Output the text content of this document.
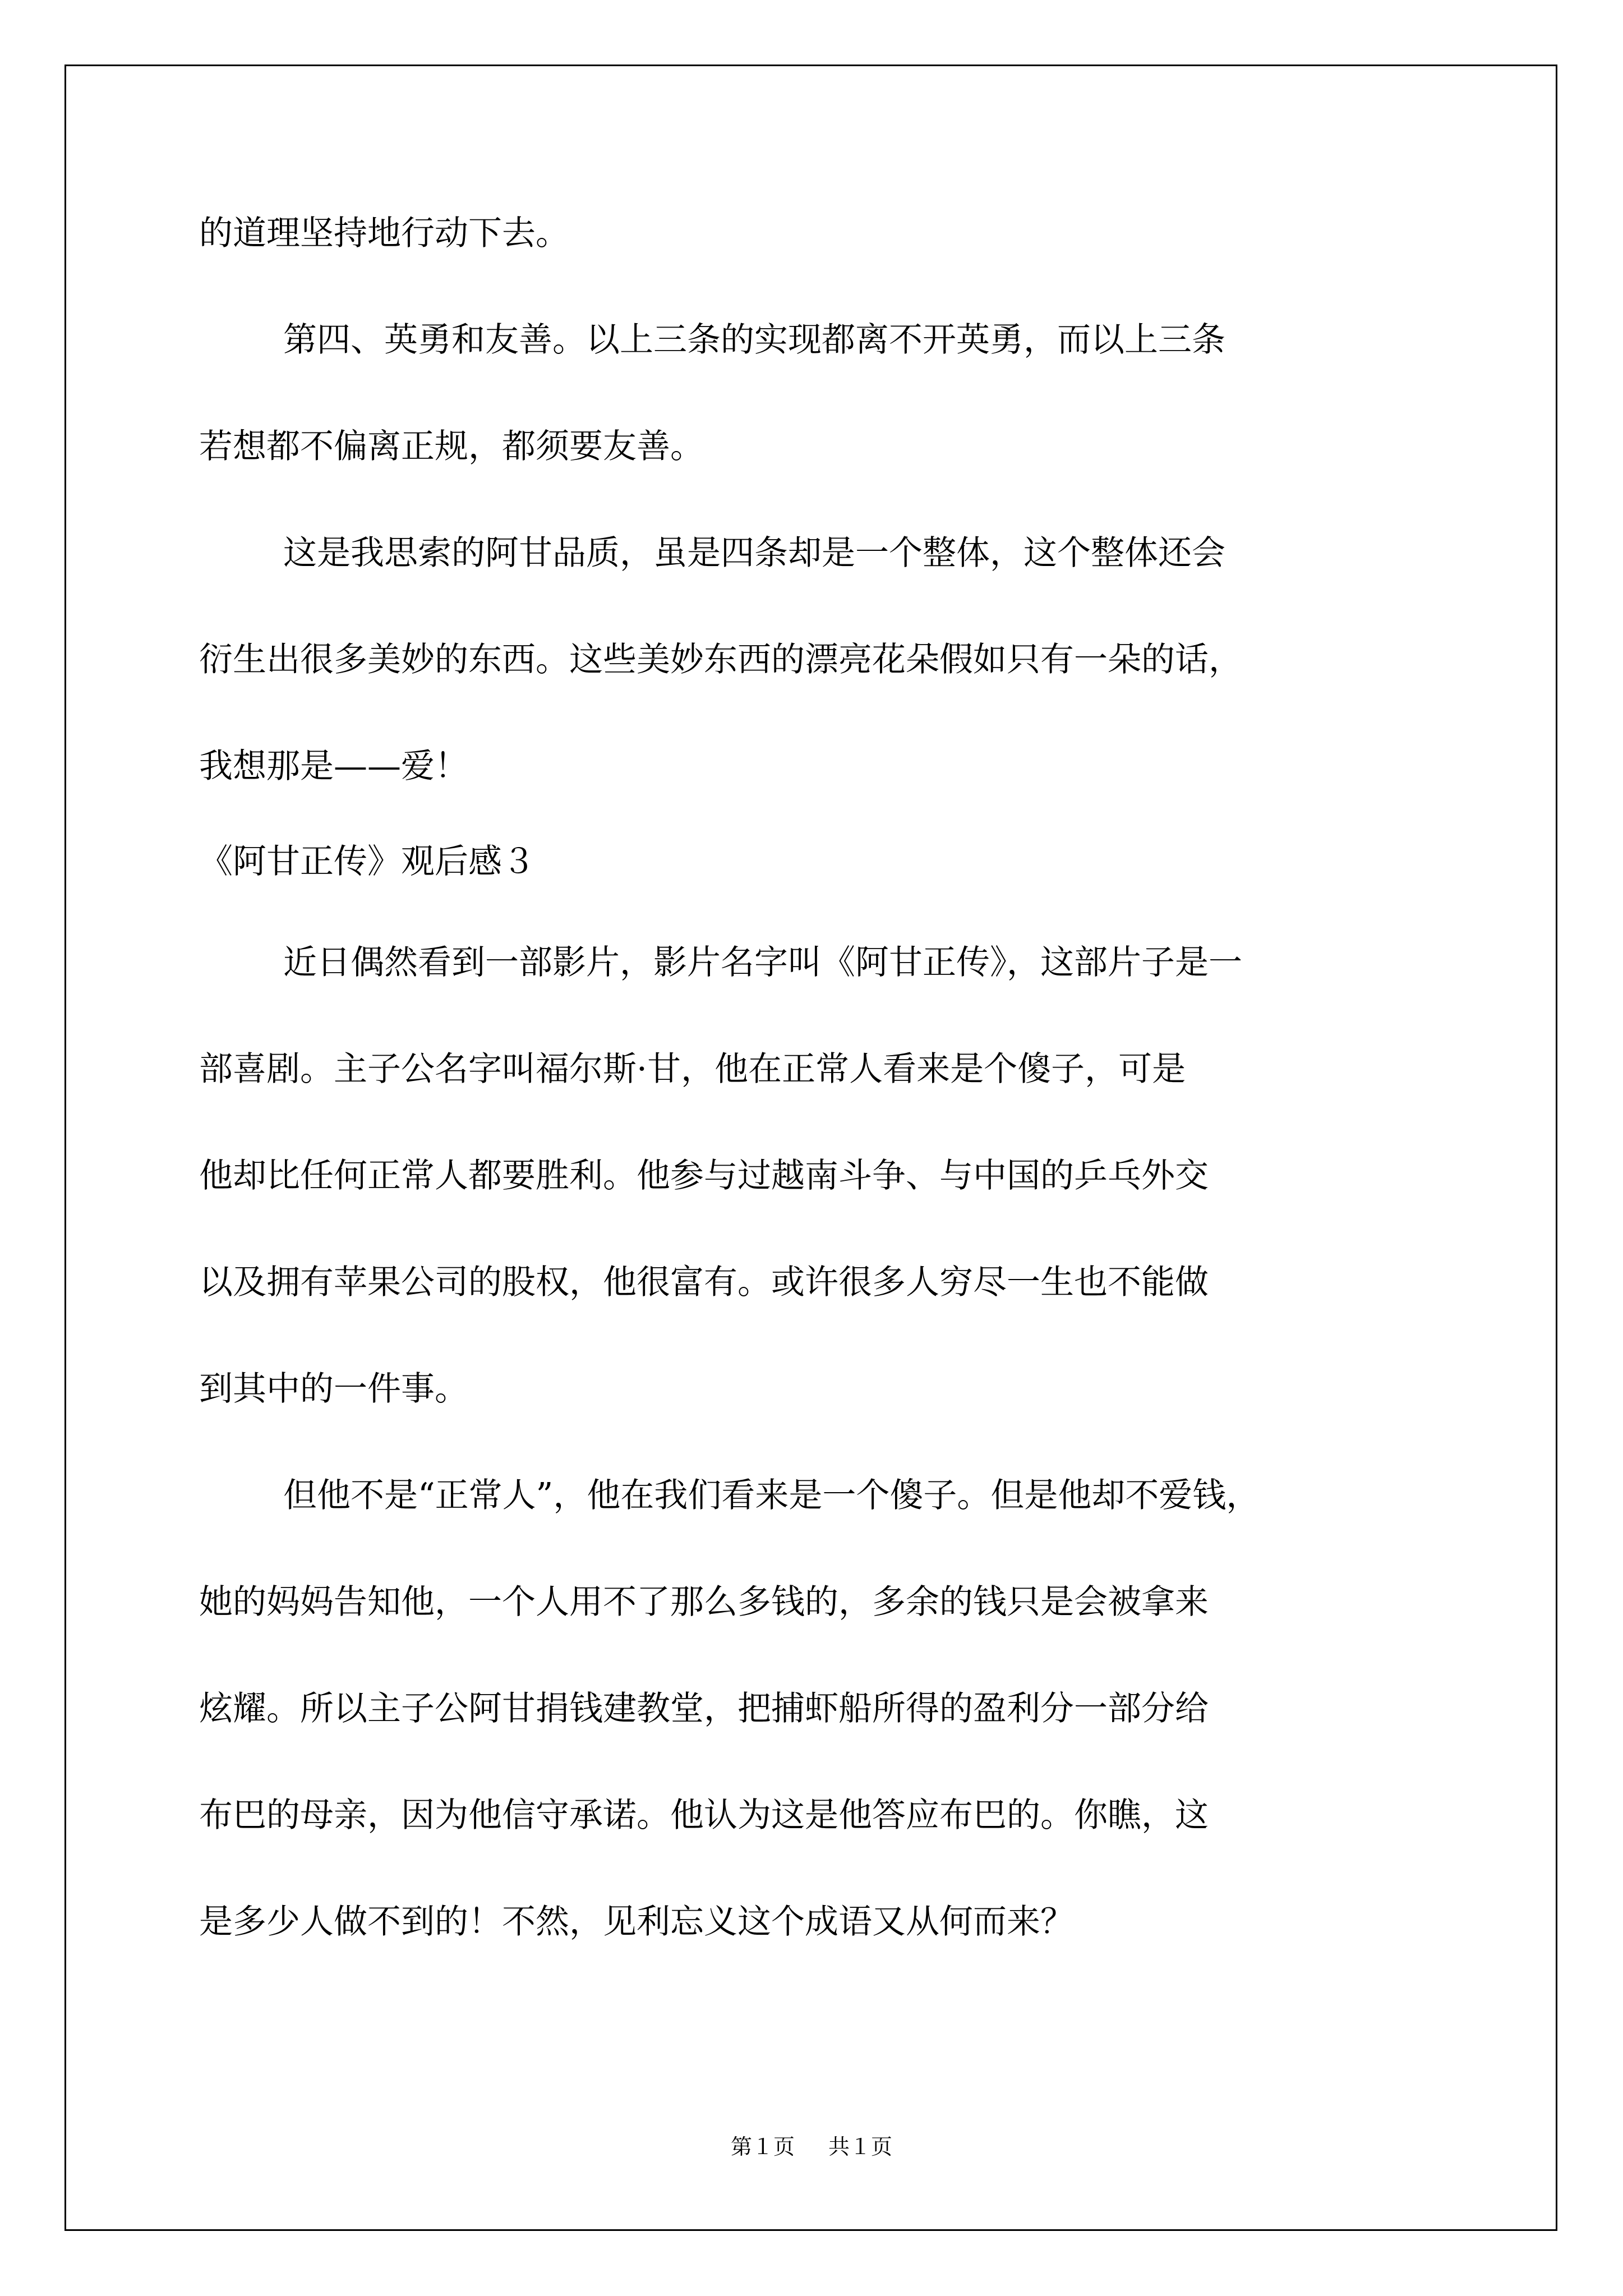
的道理坚持地行动下去。
第四、英勇和友善。以上三条的实现都离不开英勇，而以上三条
若想都不偏离正规，都须要友善。
这是我思索的阿甘品质，虽是四条却是一个整体，这个整体还会
衍生出很多美妙的东西。这些美妙东西的漂亮花朵假如只有一朵的话，
我想那是——爱！
《阿甘正传》观后感３
近日偶然看到一部影片，影片名字叫《阿甘正传》，这部片子是一
部喜剧。主子公名字叫福尔斯·甘，他在正常人看来是个傻子，可是
他却比任何正常人都要胜利。他参与过越南斗争、与中国的乒乓外交
以及拥有苹果公司的股权，他很富有。或许很多人穷尽一生也不能做
到其中的一件事。
但他不是“正常人”，他在我们看来是一个傻子。但是他却不爱钱，
她的妈妈告知他，一个人用不了那么多钱的，多余的钱只是会被拿来
炫耀。所以主子公阿甘捐钱建教堂，把捕虾船所得的盈利分一部分给
布巴的母亲，因为他信守承诺。他认为这是他答应布巴的。你瞧，这
是多少人做不到的！不然，见利忘义这个成语又从何而来？
第１页 共１页
